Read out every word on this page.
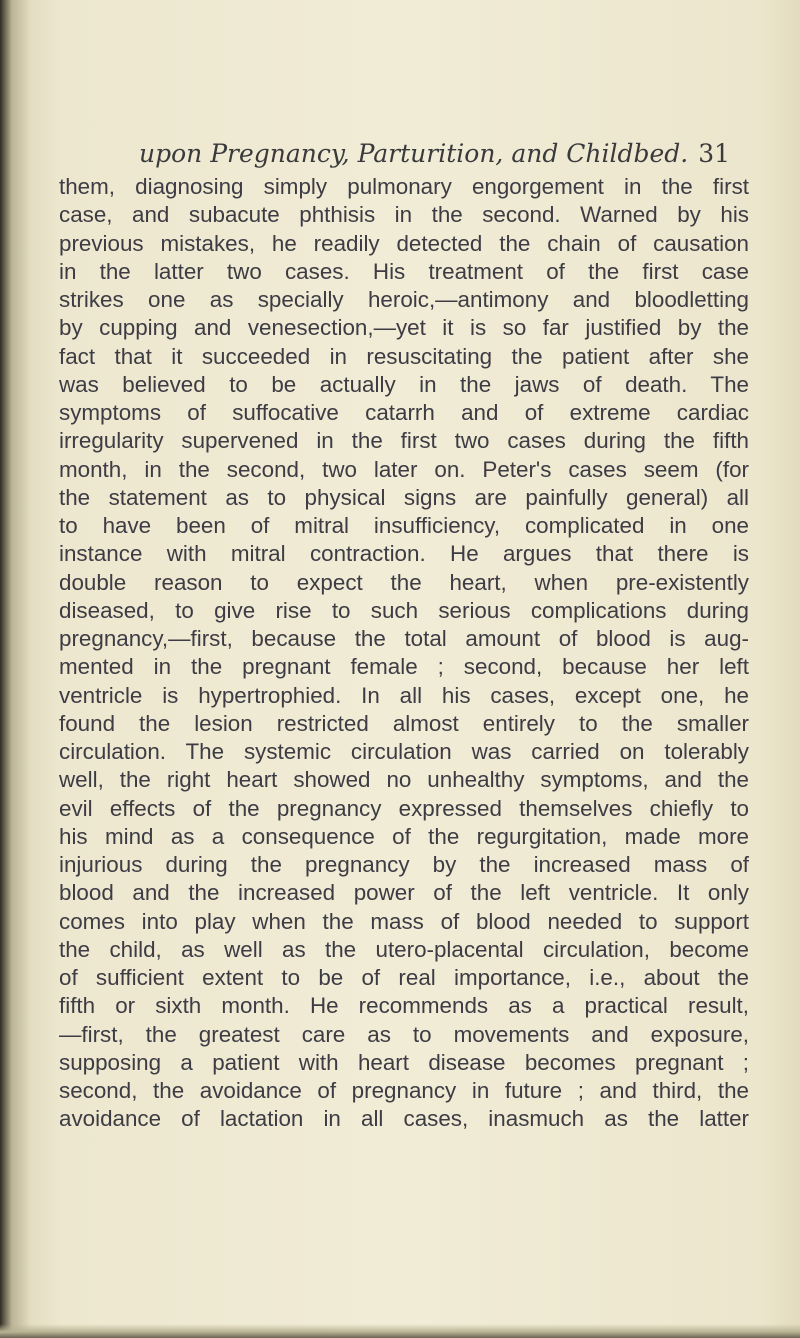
upon Pregnancy, Parturition, and Childbed. 31
them, diagnosing simply pulmonary engorgement in the first
case, and subacute phthisis in the second. Warned by his
previous mistakes, he readily detected the chain of causation
in the latter two cases. His treatment of the first case
strikes one as specially heroic,—antimony and bloodletting
by cupping and venesection,—yet it is so far justified by the
fact that it succeeded in resuscitating the patient after she
was believed to be actually in the jaws of death. The
symptoms of suffocative catarrh and of extreme cardiac
irregularity supervened in the first two cases during the fifth
month, in the second, two later on. Peter's cases seem (for
the statement as to physical signs are painfully general) all
to have been of mitral insufficiency, complicated in one
instance with mitral contraction. He argues that there is
double reason to expect the heart, when pre-existently
diseased, to give rise to such serious complications during
pregnancy,—first, because the total amount of blood is aug-
mented in the pregnant female ; second, because her left
ventricle is hypertrophied. In all his cases, except one, he
found the lesion restricted almost entirely to the smaller
circulation. The systemic circulation was carried on tolerably
well, the right heart showed no unhealthy symptoms, and the
evil effects of the pregnancy expressed themselves chiefly to
his mind as a consequence of the regurgitation, made more
injurious during the pregnancy by the increased mass of
blood and the increased power of the left ventricle. It only
comes into play when the mass of blood needed to support
the child, as well as the utero-placental circulation, become
of sufficient extent to be of real importance, i.e., about the
fifth or sixth month. He recommends as a practical result,
—first, the greatest care as to movements and exposure,
supposing a patient with heart disease becomes pregnant ;
second, the avoidance of pregnancy in future ; and third, the
avoidance of lactation in all cases, inasmuch as the latter
